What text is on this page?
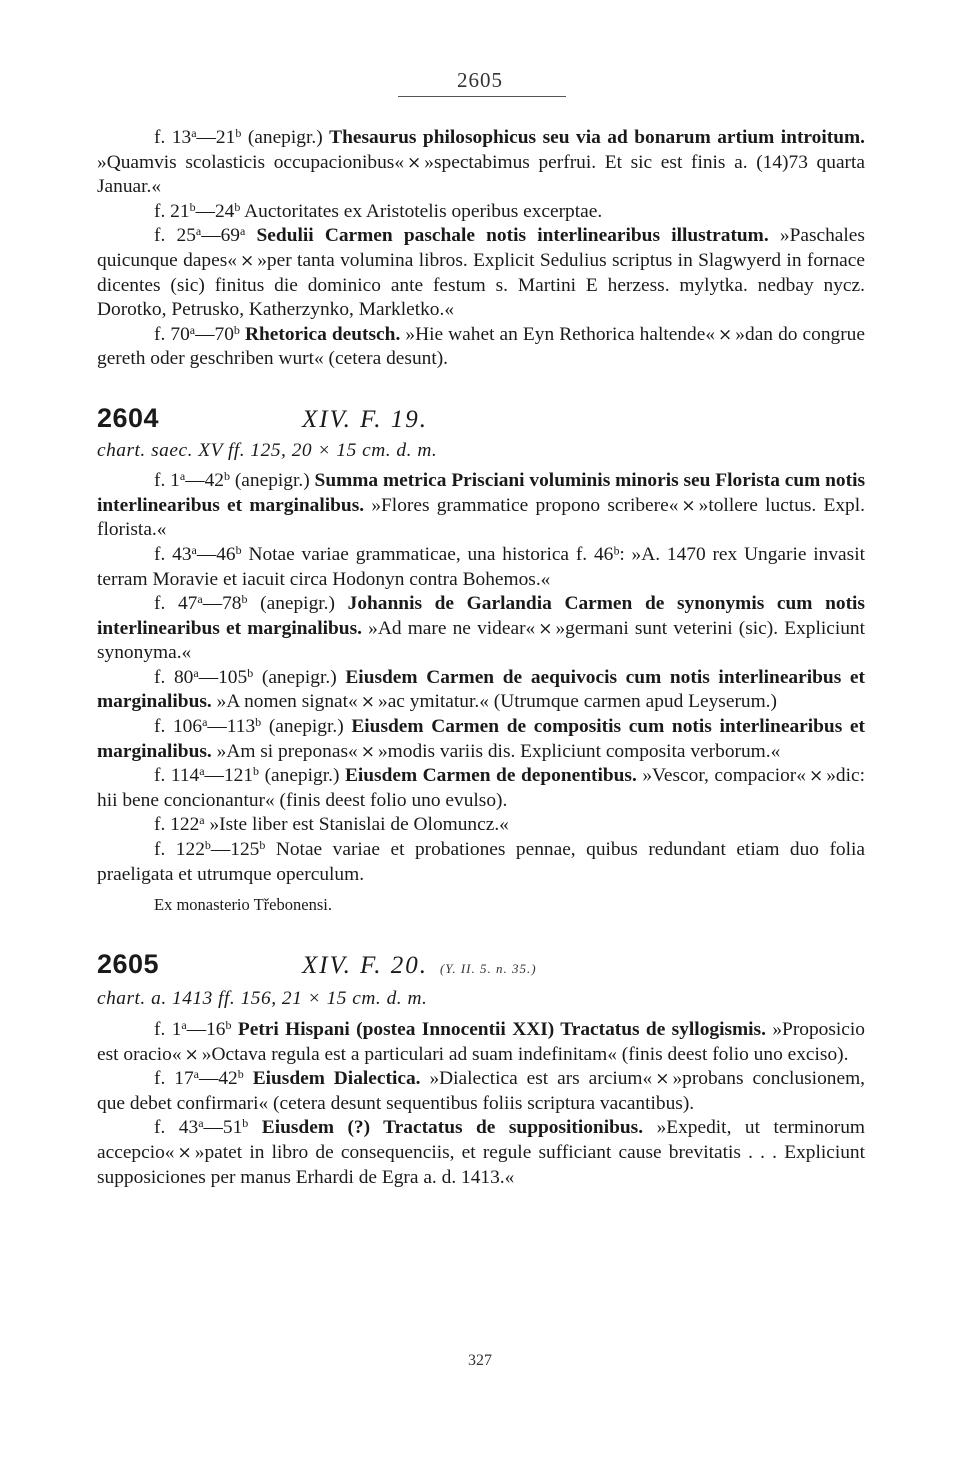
2605

f. 13$^a$—21$^b$ (anepigr.) Thesaurus philosophicus seu via ad bonarum artium introitum. »Quamvis scolasticis occupacionibus« × »spectabimus perfrui. Et sic est finis a. (14)73 quarta Januar.«

f. 21$^b$—24$^b$ Auctoritates ex Aristotelis operibus excerptae.

f. 25$^a$—69$^a$ Sedulii Carmen paschale notis interlinearibus illustratum. »Paschales quicunque dapes« × »per tanta volumina libros. Explicit Sedulius scriptus in Slagwyerd in fornace dicentes (sic) finitus die dominico ante festum s. Martini E herzess. mylytka. nedbay nycz. Dorotko, Petrusko, Katherzynko, Markletko.«

f. 70$^a$—70$^b$ Rhetorica deutsch. »Hie wahet an Eyn Rethorica haltende« × »dan do congrue gereth oder geschriben wurt« (cetera desunt).

2604	XIV. F. 19.

chart. saec. XV ff. 125, 20 × 15 cm. d. m.

f. 1$^a$—42$^b$ (anepigr.) Summa metrica Prisciani voluminis minoris seu Florista cum notis interlinearibus et marginalibus. »Flores grammatice propono scribere« × »tollere luctus. Expl. florista.«

f. 43$^a$—46$^b$ Notae variae grammaticae, una historica f. 46ᵇ: »A. 1470 rex Ungarie invasit terram Moravie et iacuit circa Hodonyn contra Bohemos.«

f. 47$^a$—78$^b$ (anepigr.) Johannis de Garlandia Carmen de synonymis cum notis interlinearibus et marginalibus. »Ad mare ne videar« × »germani sunt veterini (sic). Expliciunt synonyma.«

f. 80$^a$—105$^b$ (anepigr.) Eiusdem Carmen de aequivocis cum notis interlinearibus et marginalibus. »A nomen signat« × »ac ymitatur.« (Utrumque carmen apud Leyserum.)

f. 106$^a$—113$^b$ (anepigr.) Eiusdem Carmen de compositis cum notis interlinearibus et marginalibus. »Am si preponas« × »modis variis dis. Expliciunt composita verborum.«

f. 114$^a$—121$^b$ (anepigr.) Eiusdem Carmen de deponentibus. »Vescor, compacior« × »dic: hii bene concionantur« (finis deest folio uno evulso).

f. 122$^a$ »Iste liber est Stanislai de Olomuncz.«

f. 122$^b$—125$^b$ Notae variae et probationes pennae, quibus redundant etiam duo folia praeligata et utrumque operculum.

Ex monasterio Třebonensi.

2605	XIV. F. 20. (Y. II. 5. n. 35.)

chart. a. 1413 ff. 156, 21 × 15 cm. d. m.

f. 1$^a$—16$^b$ Petri Hispani (postea Innocentii XXI) Tractatus de syllogismis. »Proposicio est oracio« × »Octava regula est a particulari ad suam indefinitam« (finis deest folio uno exciso).

f. 17$^a$—42$^b$ Eiusdem Dialectica. »Dialectica est ars arcium« × »probans conclusionem, que debet confirmari« (cetera desunt sequentibus foliis scriptura vacantibus).

f. 43$^a$—51$^b$ Eiusdem (?) Tractatus de suppositionibus. »Expedit, ut terminorum accepcio« × »patet in libro de consequenciis, et regule sufficiant cause brevitatis . . . Expliciunt supposiciones per manus Erhardi de Egra a. d. 1413.«

327
